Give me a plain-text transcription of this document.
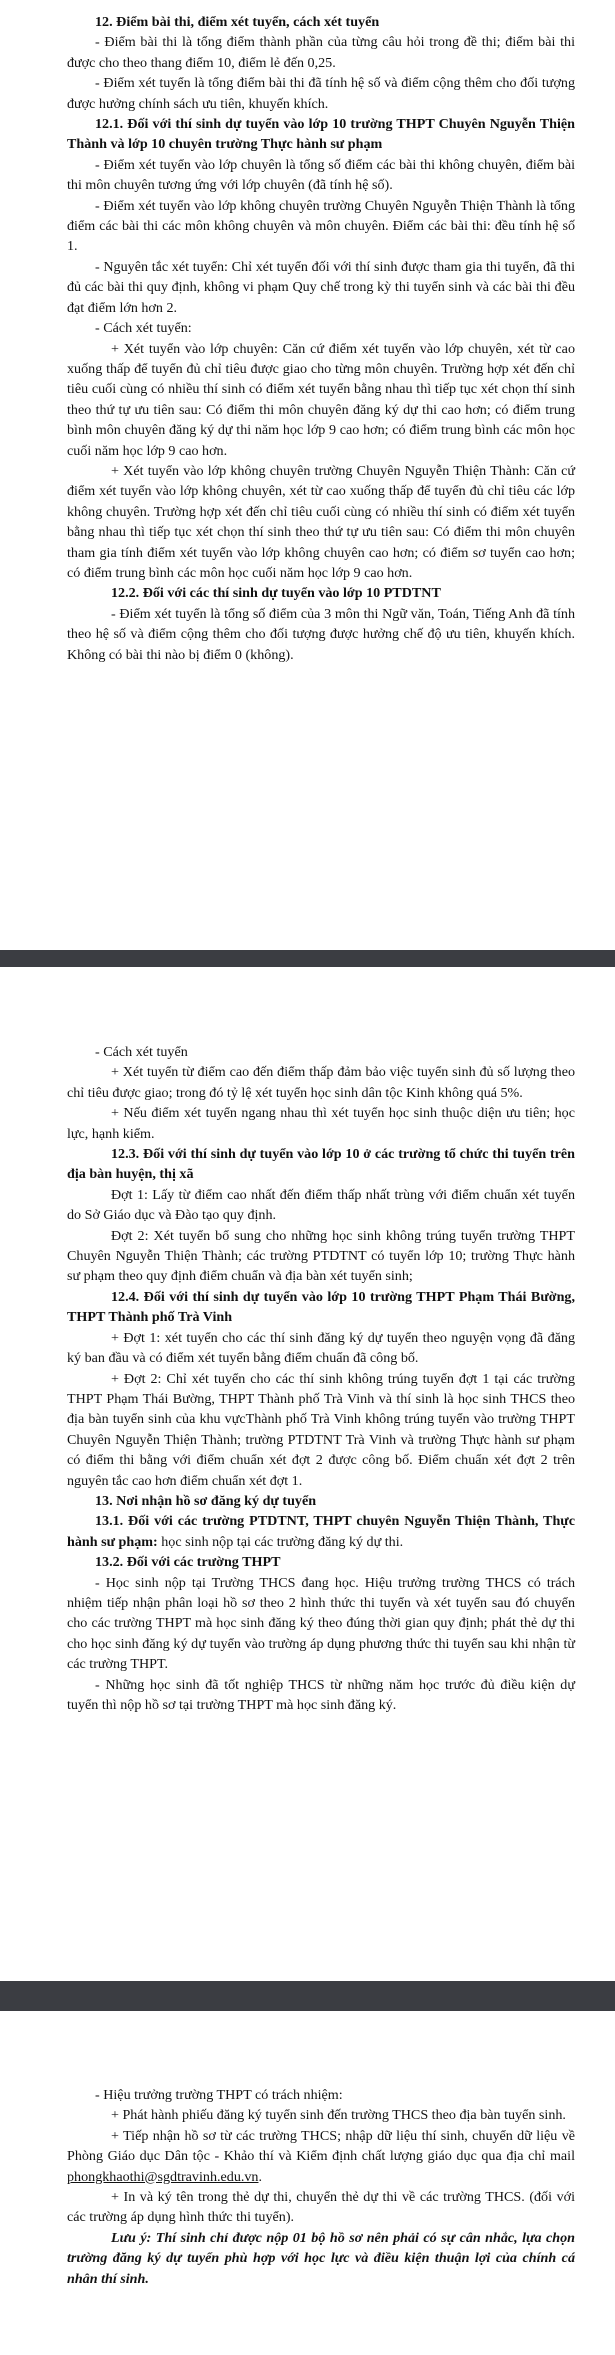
12. Điểm bài thi, điểm xét tuyển, cách xét tuyển

- Điểm bài thi là tổng điểm thành phần của từng câu hỏi trong đề thi; điểm bài thi được cho theo thang điểm 10, điểm lẻ đến 0,25.

- Điểm xét tuyển là tổng điểm bài thi đã tính hệ số và điểm cộng thêm cho đối tượng được hưởng chính sách ưu tiên, khuyến khích.

12.1. Đối với thí sinh dự tuyển vào lớp 10 trường THPT Chuyên Nguyễn Thiện Thành và lớp 10 chuyên trường Thực hành sư phạm

- Điểm xét tuyển vào lớp chuyên là tổng số điểm các bài thi không chuyên, điểm bài thi môn chuyên tương ứng với lớp chuyên (đã tính hệ số).

- Điểm xét tuyển vào lớp không chuyên trường Chuyên Nguyễn Thiện Thành là tổng điểm các bài thi các môn không chuyên và môn chuyên. Điểm các bài thi: đều tính hệ số 1.

- Nguyên tắc xét tuyển: Chỉ xét tuyển đối với thí sinh được tham gia thi tuyển, đã thi đủ các bài thi quy định, không vi phạm Quy chế trong kỳ thi tuyển sinh và các bài thi đều đạt điểm lớn hơn 2.

- Cách xét tuyển:

+ Xét tuyển vào lớp chuyên: Căn cứ điểm xét tuyển vào lớp chuyên, xét từ cao xuống thấp để tuyển đủ chỉ tiêu được giao cho từng môn chuyên. Trường hợp xét đến chỉ tiêu cuối cùng có nhiều thí sinh có điểm xét tuyển bằng nhau thì tiếp tục xét chọn thí sinh theo thứ tự ưu tiên sau: Có điểm thi môn chuyên đăng ký dự thi cao hơn; có điểm trung bình môn chuyên đăng ký dự thi năm học lớp 9 cao hơn; có điểm trung bình các môn học cuối năm học lớp 9 cao hơn.

+ Xét tuyển vào lớp không chuyên trường Chuyên Nguyễn Thiện Thành: Căn cứ điểm xét tuyển vào lớp không chuyên, xét từ cao xuống thấp để tuyển đủ chỉ tiêu các lớp không chuyên. Trường hợp xét đến chỉ tiêu cuối cùng có nhiều thí sinh có điểm xét tuyển bằng nhau thì tiếp tục xét chọn thí sinh theo thứ tự ưu tiên sau: Có điểm thi môn chuyên tham gia tính điểm xét tuyển vào lớp không chuyên cao hơn; có điểm sơ tuyển cao hơn; có điểm trung bình các môn học cuối năm học lớp 9 cao hơn.

12.2. Đối với các thí sinh dự tuyển vào lớp 10 PTDTNT

- Điểm xét tuyển là tổng số điểm của 3 môn thi Ngữ văn, Toán, Tiếng Anh đã tính theo hệ số và điểm cộng thêm cho đối tượng được hưởng chế độ ưu tiên, khuyến khích. Không có bài thi nào bị điểm 0 (không).

- Cách xét tuyển

+ Xét tuyển từ điểm cao đến điểm thấp đảm bảo việc tuyển sinh đủ số lượng theo chỉ tiêu được giao; trong đó tỷ lệ xét tuyển học sinh dân tộc Kinh không quá 5%.

+ Nếu điểm xét tuyển ngang nhau thì xét tuyển học sinh thuộc diện ưu tiên; học lực, hạnh kiểm.

12.3. Đối với thí sinh dự tuyển vào lớp 10 ở các trường tổ chức thi tuyển trên địa bàn huyện, thị xã

Đợt 1: Lấy từ điểm cao nhất đến điểm thấp nhất trùng với điểm chuẩn xét tuyển do Sở Giáo dục và Đào tạo quy định.

Đợt 2: Xét tuyển bổ sung cho những học sinh không trúng tuyển trường THPT Chuyên Nguyễn Thiện Thành; các trường PTDTNT có tuyển lớp 10; trường Thực hành sư phạm theo quy định điểm chuẩn và địa bàn xét tuyển sinh;

12.4. Đối với thí sinh dự tuyển vào lớp 10 trường THPT Phạm Thái Bường, THPT Thành phố Trà Vinh

+ Đợt 1: xét tuyển cho các thí sinh đăng ký dự tuyển theo nguyện vọng đã đăng ký ban đầu và có điểm xét tuyển bằng điểm chuẩn đã công bố.

+ Đợt 2: Chỉ xét tuyển cho các thí sinh không trúng tuyển đợt 1 tại các trường THPT Phạm Thái Bường, THPT Thành phố Trà Vinh và thí sinh là học sinh THCS theo địa bàn tuyển sinh của khu vựcThành phố Trà Vinh không trúng tuyển vào trường THPT Chuyên Nguyễn Thiện Thành; trường PTDTNT Trà Vinh và trường Thực hành sư phạm có điểm thi bằng với điểm chuẩn xét đợt 2 được công bố. Điểm chuẩn xét đợt 2 trên nguyên tắc cao hơn điểm chuẩn xét đợt 1.

13. Nơi nhận hồ sơ đăng ký dự tuyển

13.1. Đối với các trường PTDTNT, THPT chuyên Nguyễn Thiện Thành, Thực hành sư phạm: học sinh nộp tại các trường đăng ký dự thi.

13.2. Đối với các trường THPT

- Học sinh nộp tại Trường THCS đang học. Hiệu trưởng trường THCS có trách nhiệm tiếp nhận phân loại hồ sơ theo 2 hình thức thi tuyển và xét tuyển sau đó chuyển cho các trường THPT mà học sinh đăng ký theo đúng thời gian quy định; phát thẻ dự thi cho học sinh đăng ký dự tuyển vào trường áp dụng phương thức thi tuyển sau khi nhận từ các trường THPT.

- Những học sinh đã tốt nghiệp THCS từ những năm học trước đủ điều kiện dự tuyển thì nộp hồ sơ tại trường THPT mà học sinh đăng ký.

- Hiệu trưởng trường THPT có trách nhiệm:

+ Phát hành phiếu đăng ký tuyển sinh đến trường THCS theo địa bàn tuyển sinh.

+ Tiếp nhận hồ sơ từ các trường THCS; nhập dữ liệu thí sinh, chuyển dữ liệu về Phòng Giáo dục Dân tộc - Khảo thí và Kiểm định chất lượng giáo dục qua địa chỉ mail phongkhaothi@sgdtravinh.edu.vn.

+ In và ký tên trong thẻ dự thi, chuyển thẻ dự thi về các trường THCS. (đối với các trường áp dụng hình thức thi tuyển).

Lưu ý: Thí sinh chỉ được nộp 01 bộ hồ sơ nên phải có sự cân nhắc, lựa chọn trường đăng ký dự tuyển phù hợp với học lực và điều kiện thuận lợi của chính cá nhân thí sinh.
